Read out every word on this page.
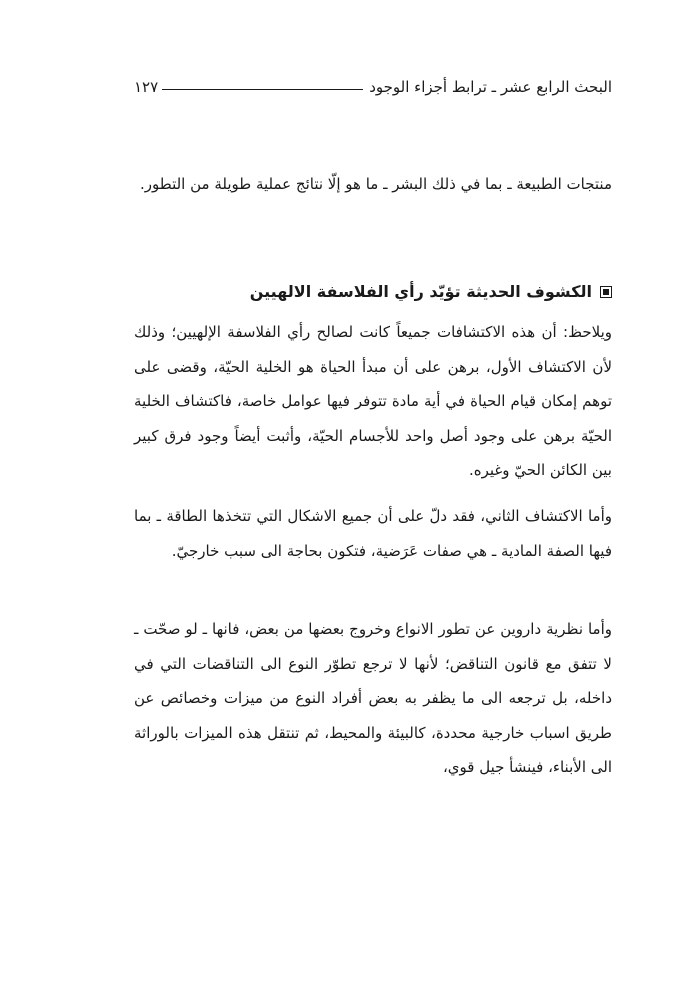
البحث الرابع عشر ـ ترابط أجزاء الوجود
١٢٧

منتجات الطبيعة ـ بما في ذلك البشر ـ ما هو إلّا نتائج عملية طويلة من التطور.

الكشوف الحديثة تؤيّد رأي الفلاسفة الالهيين

ويلاحظ: أن هذه الاكتشافات جميعاً كانت لصالح رأي الفلاسفة الإلهيين؛ وذلك لأن الاكتشاف الأول، برهن على أن مبدأ الحياة هو الخلية الحيّة، وقضى على توهم إمكان قيام الحياة في أية مادة تتوفر فيها عوامل خاصة، فاكتشاف الخلية الحيّة برهن على وجود أصل واحد للأجسام الحيّة، وأثبت أيضاً وجود فرق كبير بين الكائن الحيّ وغيره.

وأما الاكتشاف الثاني، فقد دلّ على أن جميع الاشكال التي تتخذها الطاقة ـ بما فيها الصفة المادية ـ هي صفات عَرَضية، فتكون بحاجة الى سبب خارجيّ.

وأما نظرية داروين عن تطور الانواع وخروج بعضها من بعض، فانها ـ لو صحّت ـ لا تتفق مع قانون التناقض؛ لأنها لا ترجع تطوّر النوع الى التناقضات التي في داخله، بل ترجعه الى ما يظفر به بعض أفراد النوع من ميزات وخصائص عن طريق اسباب خارجية محددة، كالبيئة والمحيط، ثم تنتقل هذه الميزات بالوراثة الى الأبناء، فينشأ جيل قوي،
